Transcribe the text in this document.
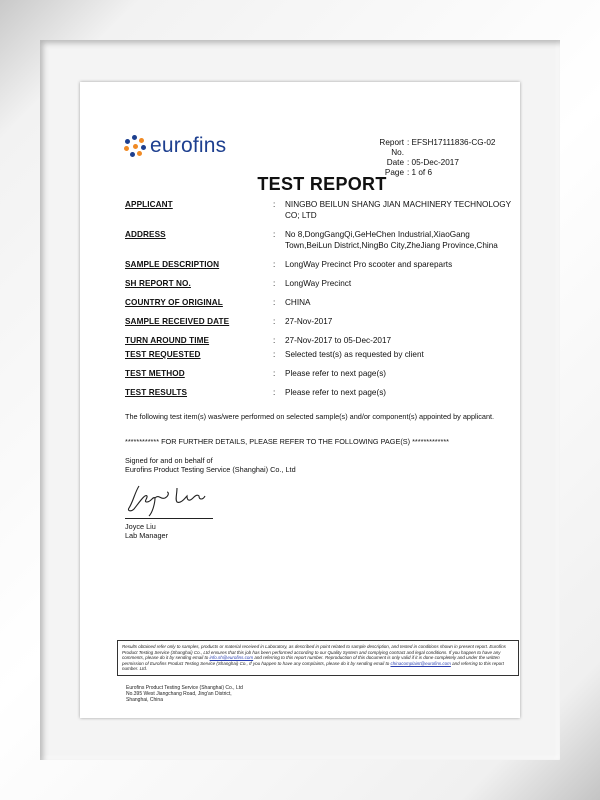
eurofins	Report No.
: EFSH17111836-CG-02
Date : 05-Dec-2017
Page : 1 of 6
TEST REPORT
APPLICANT	: NINGBO BEILUN SHANG JIAN MACHINERY TECHNOLOGY CO; LTD
ADDRESS	: No 8,DongGangQi,GeHeChen Industrial,XiaoGang Town,BeiLun District,NingBo City,ZheJiang Province,China
SAMPLE DESCRIPTION	: LongWay Precinct Pro scooter and spareparts
SH REPORT NO.	: LongWay Precinct
COUNTRY OF ORIGINAL	: CHINA
SAMPLE RECEIVED DATE	: 27-Nov-2017
TURN AROUND TIME	: 27-Nov-2017 to 05-Dec-2017
TEST REQUESTED	: Selected test(s) as requested by client
TEST METHOD	: Please refer to next page(s)
TEST RESULTS	: Please refer to next page(s)
The following test item(s) was/were performed on selected sample(s) and/or component(s) appointed by applicant.
************ FOR FURTHER DETAILS, PLEASE REFER TO THE FOLLOWING PAGE(S) *************
Signed for and on behalf of
Eurofins Product Testing Service (Shanghai) Co., Ltd
Joyce Liu
Lab Manager
Results obtained refer only to samples, products or material received in Laboratory, as described in point related to sample description, and tested in conditions shown in present report. Eurofins Product Testing Service (Shanghai) Co., Ltd ensures that this job has been performed according to our Quality System and complying contract and legal conditions. If you happen to have any comments, please do it by sending email to info.sh@eurofins.com and referring to this report number. Reproduction of this document is only valid if it is done completely and under the written permission of Eurofins Product Testing Service (Shanghai) Co., If you happen to have any complaints, please do it by sending email to chinacomplaint@eurofins.com and referring to this report number. Ltd.
Eurofins Product Testing Service (Shanghai) Co., Ltd
No.395 West Jiangchang Road, Jing'an District,
Shanghai, China
